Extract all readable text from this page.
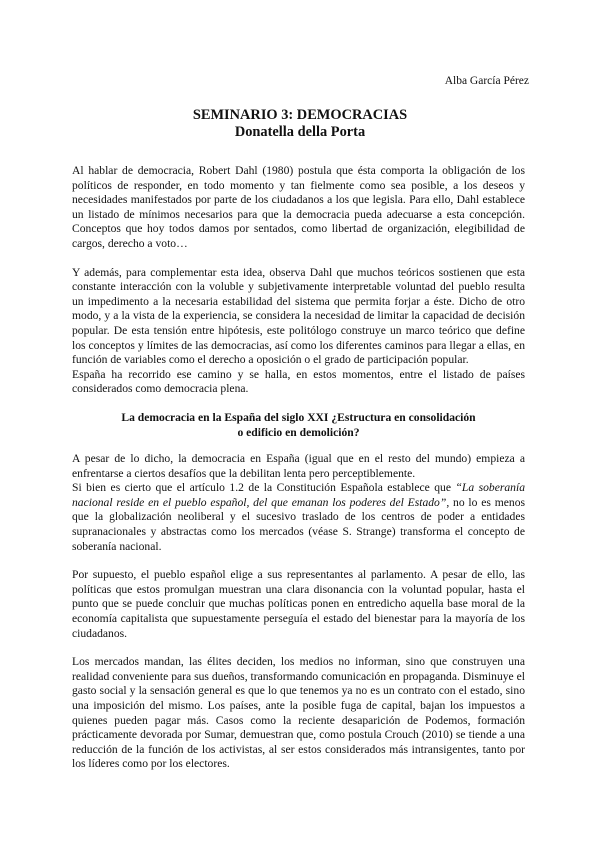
Alba García Pérez

SEMINARIO 3: DEMOCRACIAS

Donatella della Porta

Al hablar de democracia, Robert Dahl (1980) postula que ésta comporta la obligación de los políticos de responder, en todo momento y tan fielmente como sea posible, a los deseos y necesidades manifestados por parte de los ciudadanos a los que legisla. Para ello, Dahl establece un listado de mínimos necesarios para que la democracia pueda adecuarse a esta concepción. Conceptos que hoy todos damos por sentados, como libertad de organización, elegibilidad de cargos, derecho a voto…

Y además, para complementar esta idea, observa Dahl que muchos teóricos sostienen que esta constante interacción con la voluble y subjetivamente interpretable voluntad del pueblo resulta un impedimento a la necesaria estabilidad del sistema que permita forjar a éste. Dicho de otro modo, y a la vista de la experiencia, se considera la necesidad de limitar la capacidad de decisión popular. De esta tensión entre hipótesis, este politólogo construye un marco teórico que define los conceptos y límites de las democracias, así como los diferentes caminos para llegar a ellas, en función de variables como el derecho a oposición o el grado de participación popular.

España ha recorrido ese camino y se halla, en estos momentos, entre el listado de países considerados como democracia plena.

La democracia en la España del siglo XXI ¿Estructura en consolidación
o edificio en demolición?

A pesar de lo dicho, la democracia en España (igual que en el resto del mundo) empieza a enfrentarse a ciertos desafíos que la debilitan lenta pero perceptiblemente.

Si bien es cierto que el artículo 1.2 de la Constitución Española establece que “La soberanía nacional reside en el pueblo español, del que emanan los poderes del Estado”, no lo es menos que la globalización neoliberal y el sucesivo traslado de los centros de poder a entidades supranacionales y abstractas como los mercados (véase S. Strange) transforma el concepto de soberanía nacional.

Por supuesto, el pueblo español elige a sus representantes al parlamento. A pesar de ello, las políticas que estos promulgan muestran una clara disonancia con la voluntad popular, hasta el punto que se puede concluir que muchas políticas ponen en entredicho aquella base moral de la economía capitalista que supuestamente perseguía el estado del bienestar para la mayoría de los ciudadanos.

Los mercados mandan, las élites deciden, los medios no informan, sino que construyen una realidad conveniente para sus dueños, transformando comunicación en propaganda. Disminuye el gasto social y la sensación general es que lo que tenemos ya no es un contrato con el estado, sino una imposición del mismo. Los países, ante la posible fuga de capital, bajan los impuestos a quienes pueden pagar más. Casos como la reciente desaparición de Podemos, formación prácticamente devorada por Sumar, demuestran que, como postula Crouch (2010) se tiende a una reducción de la función de los activistas, al ser estos considerados más intransigentes, tanto por los líderes como por los electores.
